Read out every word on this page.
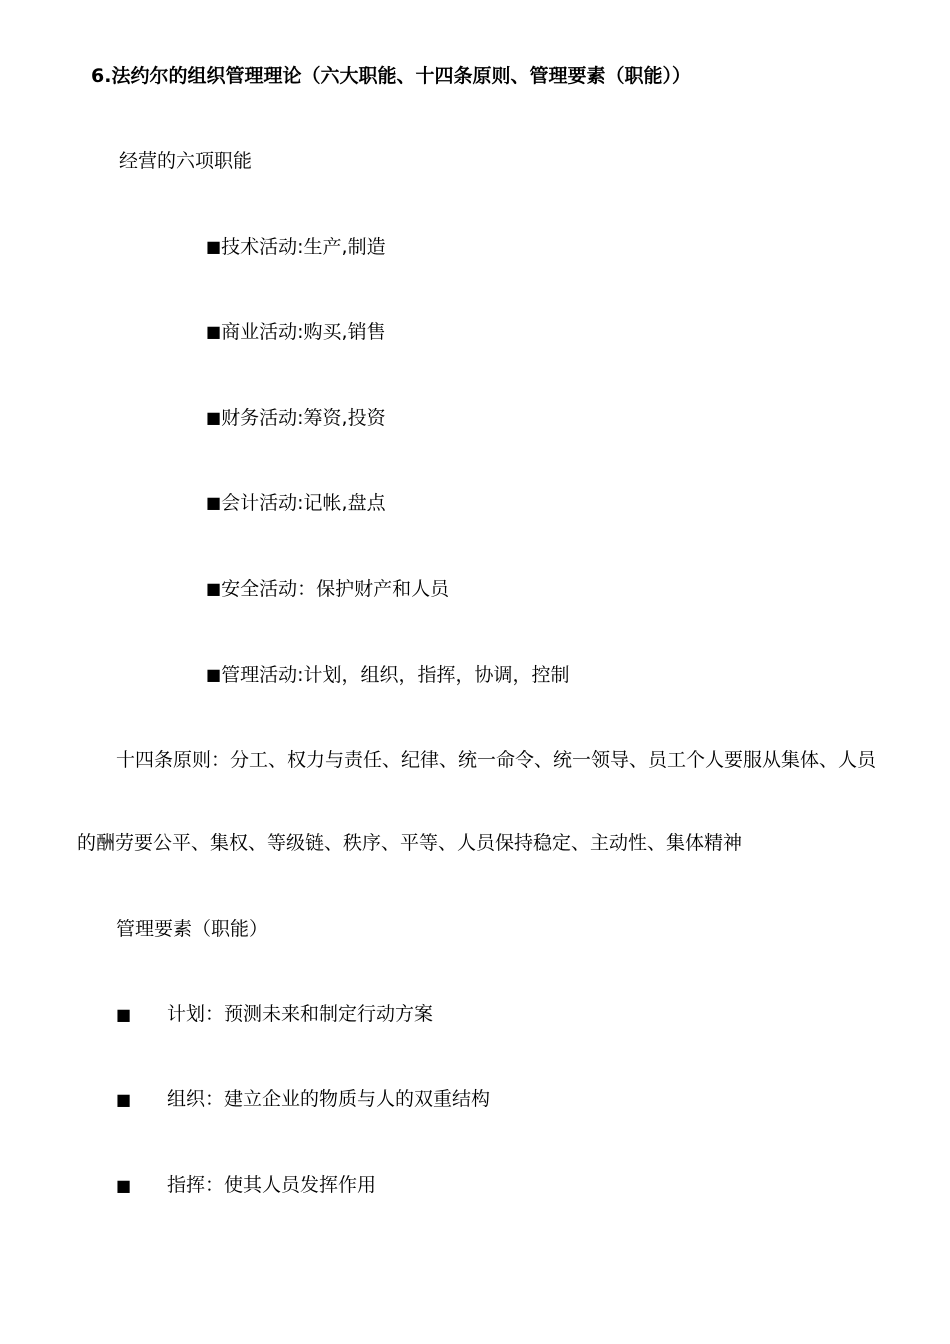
6.法约尔的组织管理理论（六大职能、十四条原则、管理要素（职能））
经营的六项职能
■技术活动:生产,制造
■商业活动:购买,销售
■财务活动:筹资,投资
■会计活动:记帐,盘点
■安全活动：保护财产和人员
■管理活动:计划，组织，指挥，协调，控制
十四条原则：分工、权力与责任、纪律、统一命令、统一领导、员工个人要服从集体、人员
的酬劳要公平、集权、等级链、秩序、平等、人员保持稳定、主动性、集体精神
管理要素（职能）
■ 计划：预测未来和制定行动方案
■ 组织：建立企业的物质与人的双重结构
■ 指挥：使其人员发挥作用
